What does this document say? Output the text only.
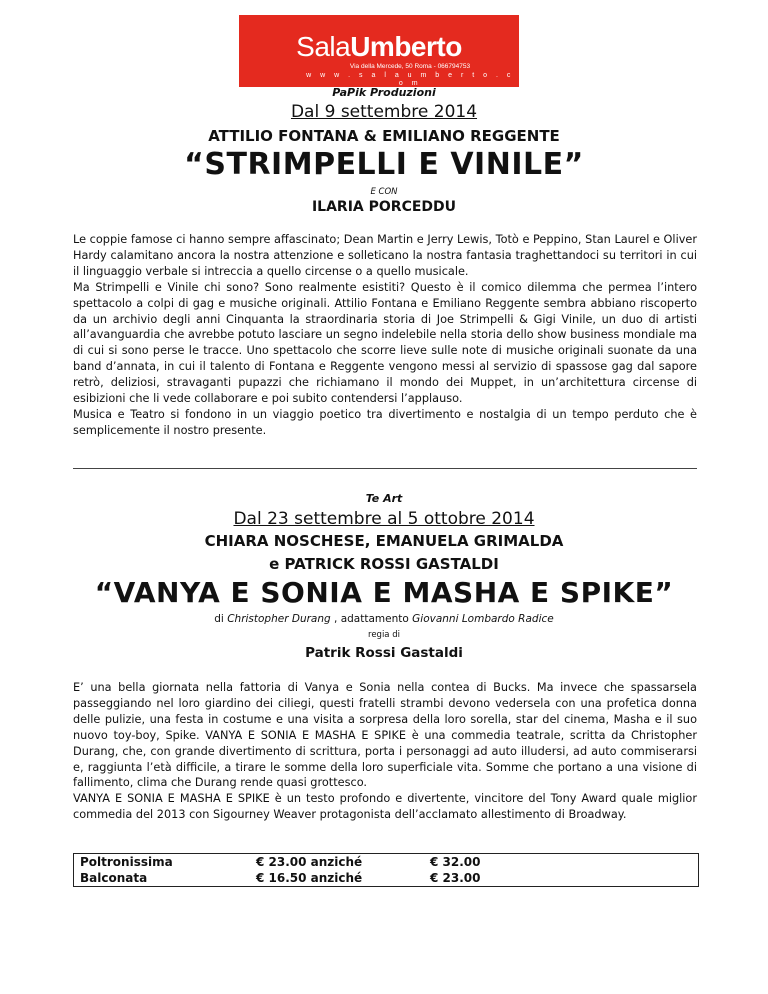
SalaUmberto
Via della Mercede, 50 Roma - 066794753
w w w . s a l a u m b e r t o . c o m
PaPik Produzioni
Dal 9 settembre 2014
ATTILIO FONTANA & EMILIANO REGGENTE
“STRIMPELLI E VINILE”
E CON
ILARIA PORCEDDU

Le coppie famose ci hanno sempre affascinato; Dean Martin e Jerry Lewis, Totò e Peppino, Stan Laurel e Oliver Hardy calamitano ancora la nostra attenzione e solleticano la nostra fantasia traghettandoci su territori in cui il linguaggio verbale si intreccia a quello circense o a quello musicale.

Ma Strimpelli e Vinile chi sono? Sono realmente esistiti? Questo è il comico dilemma che permea l’intero spettacolo a colpi di gag e musiche originali. Attilio Fontana e Emiliano Reggente sembra abbiano riscoperto da un archivio degli anni Cinquanta la straordinaria storia di Joe Strimpelli & Gigi Vinile, un duo di artisti all’avanguardia che avrebbe potuto lasciare un segno indelebile nella storia dello show business mondiale ma di cui si sono perse le tracce. Uno spettacolo che scorre lieve sulle note di musiche originali suonate da una band d’annata, in cui il talento di Fontana e Reggente vengono messi al servizio di spassose gag dal sapore retrò, deliziosi, stravaganti pupazzi che richiamano il mondo dei Muppet, in un’architettura circense di esibizioni che li vede collaborare e poi subito contendersi l’applauso.

Musica e Teatro si fondono in un viaggio poetico tra divertimento e nostalgia di un tempo perduto che è semplicemente il nostro presente.

Te Art
Dal 23 settembre al 5 ottobre 2014
CHIARA NOSCHESE, EMANUELA GRIMALDA
e PATRICK ROSSI GASTALDI
“VANYA E SONIA E MASHA E SPIKE”
di Christopher Durang , adattamento Giovanni Lombardo Radice
regia di
Patrik Rossi Gastaldi

E’ una bella giornata nella fattoria di Vanya e Sonia nella contea di Bucks. Ma invece che spassarsela passeggiando nel loro giardino dei ciliegi, questi fratelli strambi devono vedersela con una profetica donna delle pulizie, una festa in costume e una visita a sorpresa della loro sorella, star del cinema, Masha e il suo nuovo toy-boy, Spike. VANYA E SONIA E MASHA E SPIKE è una commedia teatrale, scritta da Christopher Durang, che, con grande divertimento di scrittura, porta i personaggi ad auto illudersi, ad auto commiserarsi e, raggiunta l’età difficile, a tirare le somme della loro superficiale vita. Somme che portano a una visione di fallimento, clima che Durang rende quasi grottesco.

VANYA E SONIA E MASHA E SPIKE è un testo profondo e divertente, vincitore del Tony Award quale miglior commedia del 2013 con Sigourney Weaver protagonista dell’acclamato allestimento di Broadway.

Poltronissima	€ 23.00 anziché	€ 32.00
Balconata	€ 16.50 anziché	€ 23.00
